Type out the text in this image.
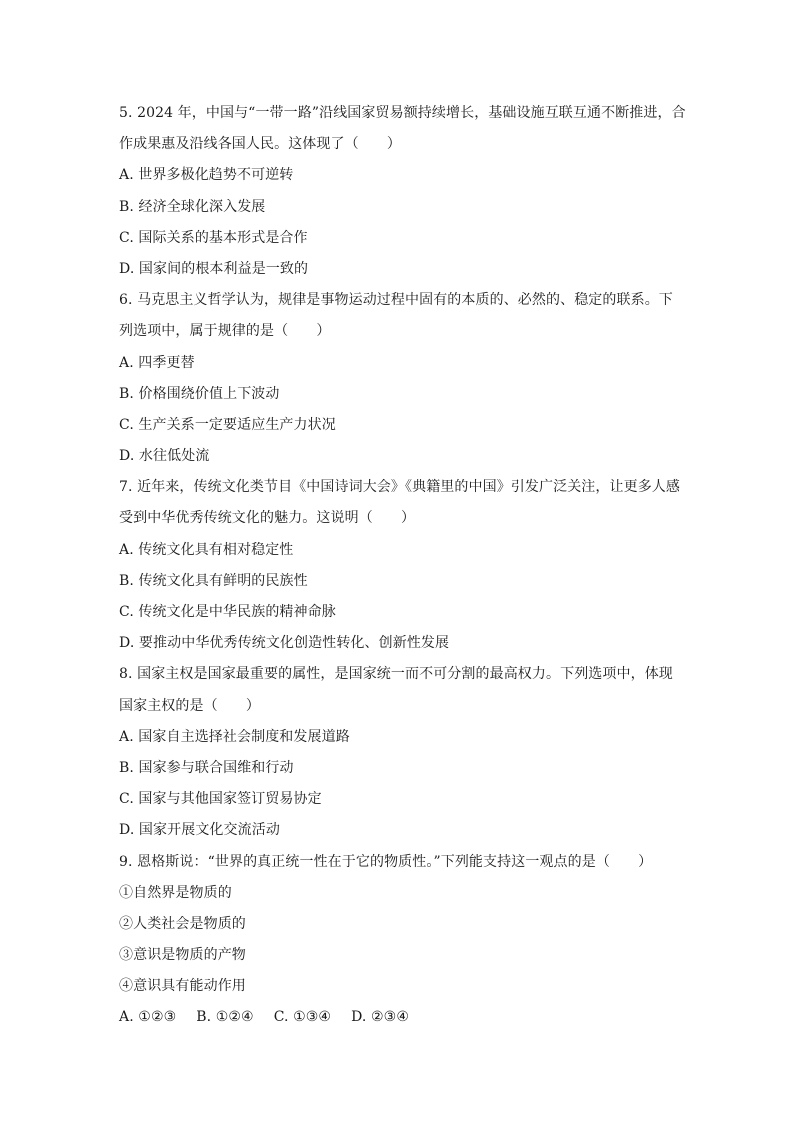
5. 2024 年，中国与“一带一路”沿线国家贸易额持续增长，基础设施互联互通不断推进，合
作成果惠及沿线各国人民。这体现了（　　）
A. 世界多极化趋势不可逆转
B. 经济全球化深入发展
C. 国际关系的基本形式是合作
D. 国家间的根本利益是一致的
6. 马克思主义哲学认为，规律是事物运动过程中固有的本质的、必然的、稳定的联系。下
列选项中，属于规律的是（　　）
A. 四季更替
B. 价格围绕价值上下波动
C. 生产关系一定要适应生产力状况
D. 水往低处流
7. 近年来，传统文化类节目《中国诗词大会》《典籍里的中国》引发广泛关注，让更多人感
受到中华优秀传统文化的魅力。这说明（　　）
A. 传统文化具有相对稳定性
B. 传统文化具有鲜明的民族性
C. 传统文化是中华民族的精神命脉
D. 要推动中华优秀传统文化创造性转化、创新性发展
8. 国家主权是国家最重要的属性，是国家统一而不可分割的最高权力。下列选项中，体现
国家主权的是（　　）
A. 国家自主选择社会制度和发展道路
B. 国家参与联合国维和行动
C. 国家与其他国家签订贸易协定
D. 国家开展文化交流活动
9. 恩格斯说：“世界的真正统一性在于它的物质性。”下列能支持这一观点的是（　　）
①自然界是物质的
②人类社会是物质的
③意识是物质的产物
④意识具有能动作用
A. ①②③ B. ①②④ C. ①③④ D. ②③④
